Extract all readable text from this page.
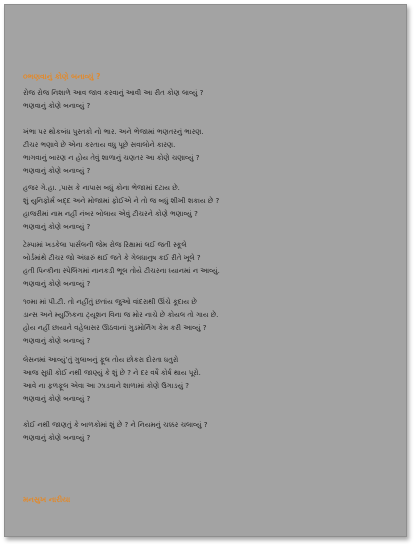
૦ભણવાનું કોણે બનાવ્યું ?
રોજ રોજ નિશાળે આવ જાવ કરવાનું આવી આ રીત કોણ લાવ્યું ?
ભણવાનું કોણે બનાવ્યું ?
ખંભા પર થોકબંધ પુસ્તકો નો ભાર. અને ભેજામાં ભણતરનું ભારણ.
ટીચર ભણાવે છે એના કરતાય વધુ પૂછે સવાલોને કારણ.
ભાગવાનું બારણ ન હોય તેવું શાળાનું ચણતર આ કોણે ચણાવ્યું ?
ભણવાનું કોણે બનાવ્યું ?
હજર ગે.હા. ,પાસ કે નાપાસ બધું કોના ભેજામાં દટાય છે.
શું યુનિફોર્મ બદ્દ અને મોજામાં ફોઈએ ને તો જ બધું શીખી શકાય છે ?
હાજરીમાં નામ નહીં નંબર બોલાય એવું ટીચરને કોણે ભણાવ્યું ?
ભણવાનું કોણે બનાવ્યું ?
ટેમ્પામાં ખડકેલા પાર્સલની જેમ રોજ રિક્ષામાં લઈ જતી સ્કૂલે
બોર્ડમાંથે ટીચર જો અંધારું થઈ જતે કે ગેલધાનુષ કઈ રીતે ખૂલે ?
હતી પિન્કીના સ્પેલિંગમાં નાનકડી ભૂલ તોયે ટીચરના ધ્યાનમાં ન આવ્યું.
ભણવાનું કોણે બનાવ્યું ?
૧૦મા માં પી.ટી. તો નહીંતું છતાંય જુઓ વાંદરાથી ઊંચે કૂદાય છે
ડાન્સ અને મ્યુઝિકના ટ્યૂશન વિના જ મોર નાચે છે કોયલ તો ગાય છે.
હોય નહીં છાયાને વહેલાસર ઊઠવાનાં ગુડમોર્નિંગ કેમ કરી આવ્યું ?
ભણવાનું કોણે બનાવ્યું ?
લેસનમાં આવ્યું’તું ગુલાબનું ફૂલ તોય છોકરા દોરતા ધતુરો
આજ સુધી કોઈ નથી જાણ્યું કે શું છે ? ને દર વર્ષે કોર્ષ થાય પૂરો.
આવે ના ફળફૂલ એવા આ ઝાડવાને શાળામાં કોણે ઉગાડયું ?
ભણવાનું કોણે બનાવ્યું ?
કોઈ નથી જાણતું કે બાળકોમાં શું છે ? ને નિયમનું ચક્કર ચલાવ્યું ?
ભણવાનું કોણે બનાવ્યું ?
મનસુખ નારીયા
